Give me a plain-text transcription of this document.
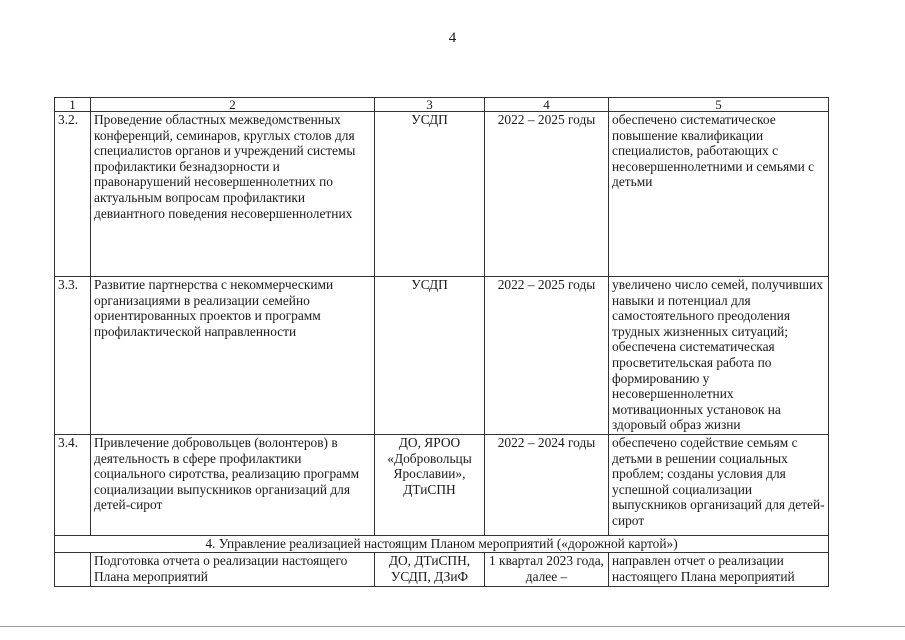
4
1	2	3	4	5
3.2.	Проведение областных межведомственных конференций, семинаров, круглых столов для специалистов органов и учреждений системы профилактики безнадзорности и правонарушений несовершеннолетних по актуальным вопросам профилактики девиантного поведения несовершеннолетних	УСДП	2022 – 2025 годы	обеспечено систематическое повышение квалификации специалистов, работающих с несовершеннолетними и семьями с детьми
3.3.	Развитие партнерства с некоммерческими организациями в реализации семейно ориентированных проектов и программ профилактической направленности	УСДП	2022 – 2025 годы	увеличено число семей, получивших навыки и потенциал для самостоятельного преодоления трудных жизненных ситуаций; обеспечена систематическая просветительская работа по формированию у несовершеннолетних мотивационных установок на здоровый образ жизни
3.4.	Привлечение добровольцев (волонтеров) в деятельность в сфере профилактики социального сиротства, реализацию программ социализации выпускников организаций для детей-сирот	ДО, ЯРОО «Добровольцы Ярославии», ДТиСПН	2022 – 2024 годы	обеспечено содействие семьям с детьми в решении социальных проблем; созданы условия для успешной социализации выпускников организаций для детей-сирот
4. Управление реализацией настоящим Планом мероприятий («дорожной картой»)				
	Подготовка отчета о реализации настоящего Плана мероприятий	ДО, ДТиСПН, УСДП, ДЗиФ	1 квартал 2023 года, далее –	направлен отчет о реализации настоящего Плана мероприятий
